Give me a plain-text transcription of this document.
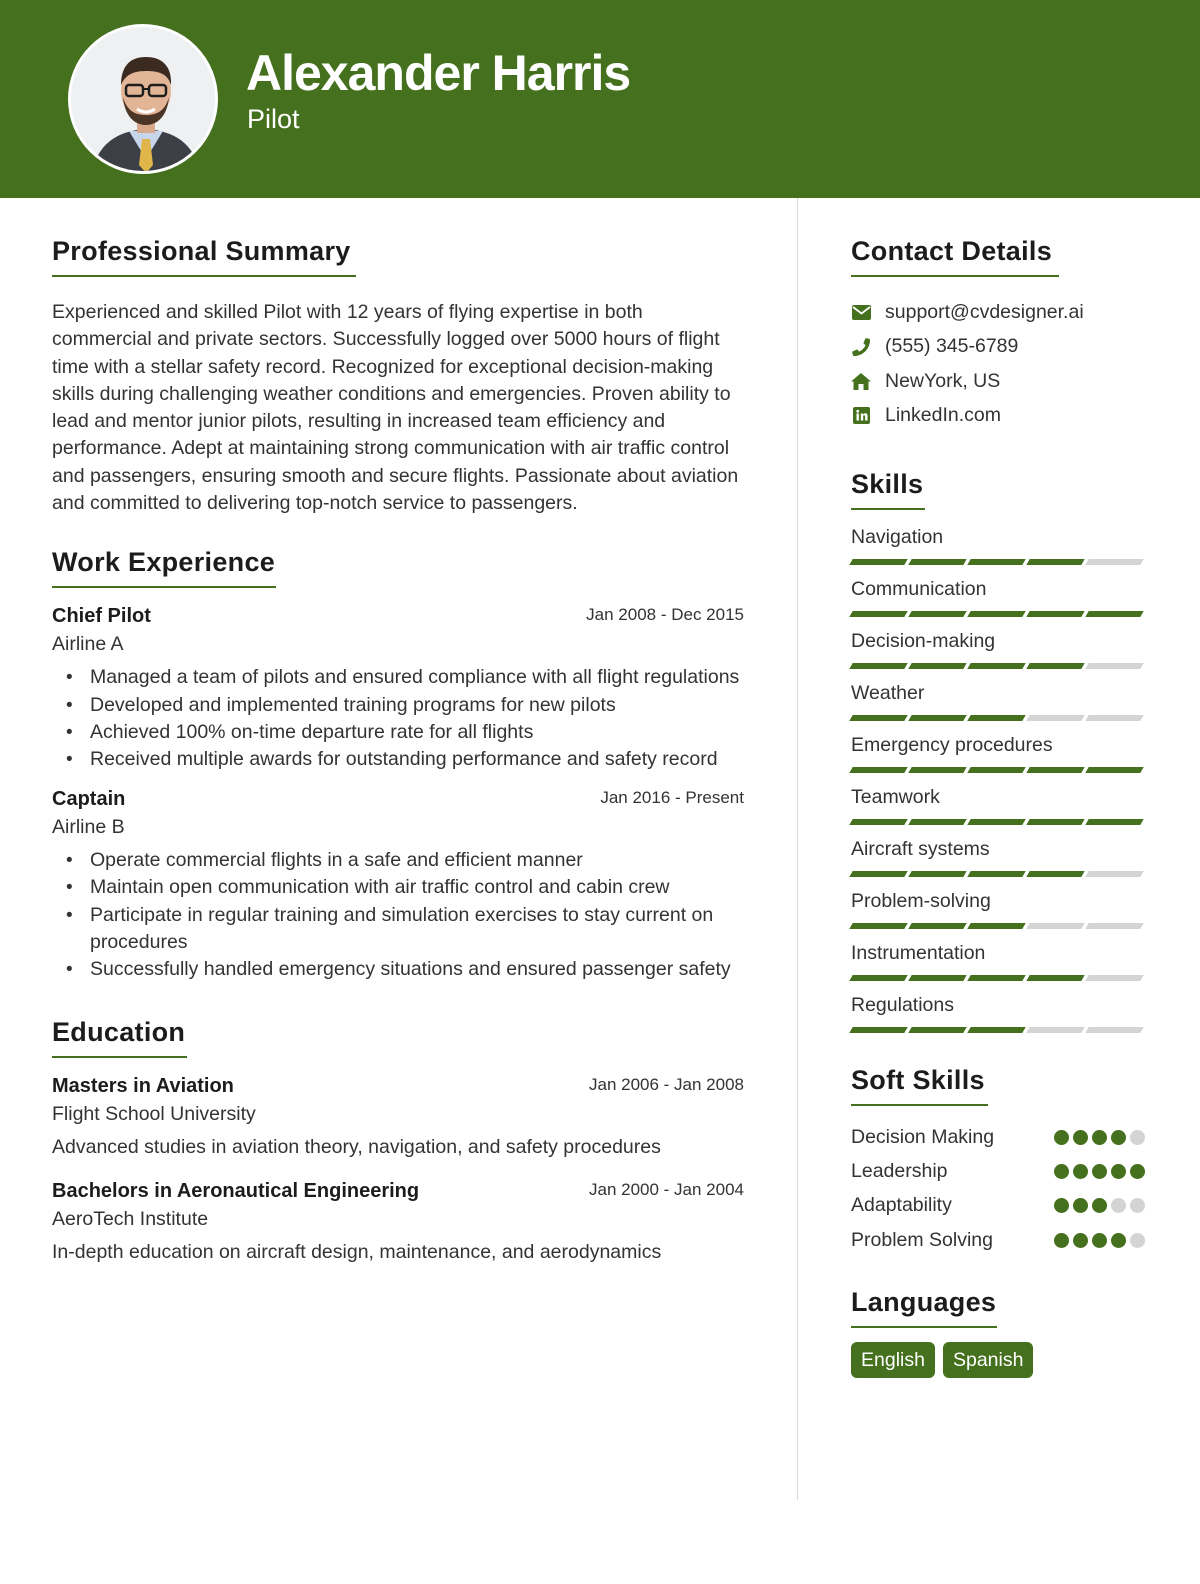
Alexander Harris
Pilot
Professional Summary

Experienced and skilled Pilot with 12 years of flying expertise in both commercial and private sectors. Successfully logged over 5000 hours of flight time with a stellar safety record. Recognized for exceptional decision-making skills during challenging weather conditions and emergencies. Proven ability to lead and mentor junior pilots, resulting in increased team efficiency and performance. Adept at maintaining strong communication with air traffic control and passengers, ensuring smooth and secure flights. Passionate about aviation and committed to delivering top-notch service to passengers.

Work Experience
Chief Pilot	Jan 2008 - Dec 2015
Airline A
• Managed a team of pilots and ensured compliance with all flight regulations
• Developed and implemented training programs for new pilots
• Achieved 100% on-time departure rate for all flights
• Received multiple awards for outstanding performance and safety record
Captain	Jan 2016 - Present
Airline B
• Operate commercial flights in a safe and efficient manner
• Maintain open communication with air traffic control and cabin crew
• Participate in regular training and simulation exercises to stay current on procedures
• Successfully handled emergency situations and ensured passenger safety
Education
Masters in Aviation	Jan 2006 - Jan 2008
Flight School University
Advanced studies in aviation theory, navigation, and safety procedures
Bachelors in Aeronautical Engineering	Jan 2000 - Jan 2004
AeroTech Institute
In-depth education on aircraft design, maintenance, and aerodynamics
Contact Details
support@cvdesigner.ai
(555) 345-6789
NewYork, US
LinkedIn.com
Skills
Navigation
Communication
Decision-making
Weather
Emergency procedures
Teamwork
Aircraft systems
Problem-solving
Instrumentation
Regulations
Soft Skills
Decision Making
Leadership
Adaptability
Problem Solving
Languages
English	Spanish
